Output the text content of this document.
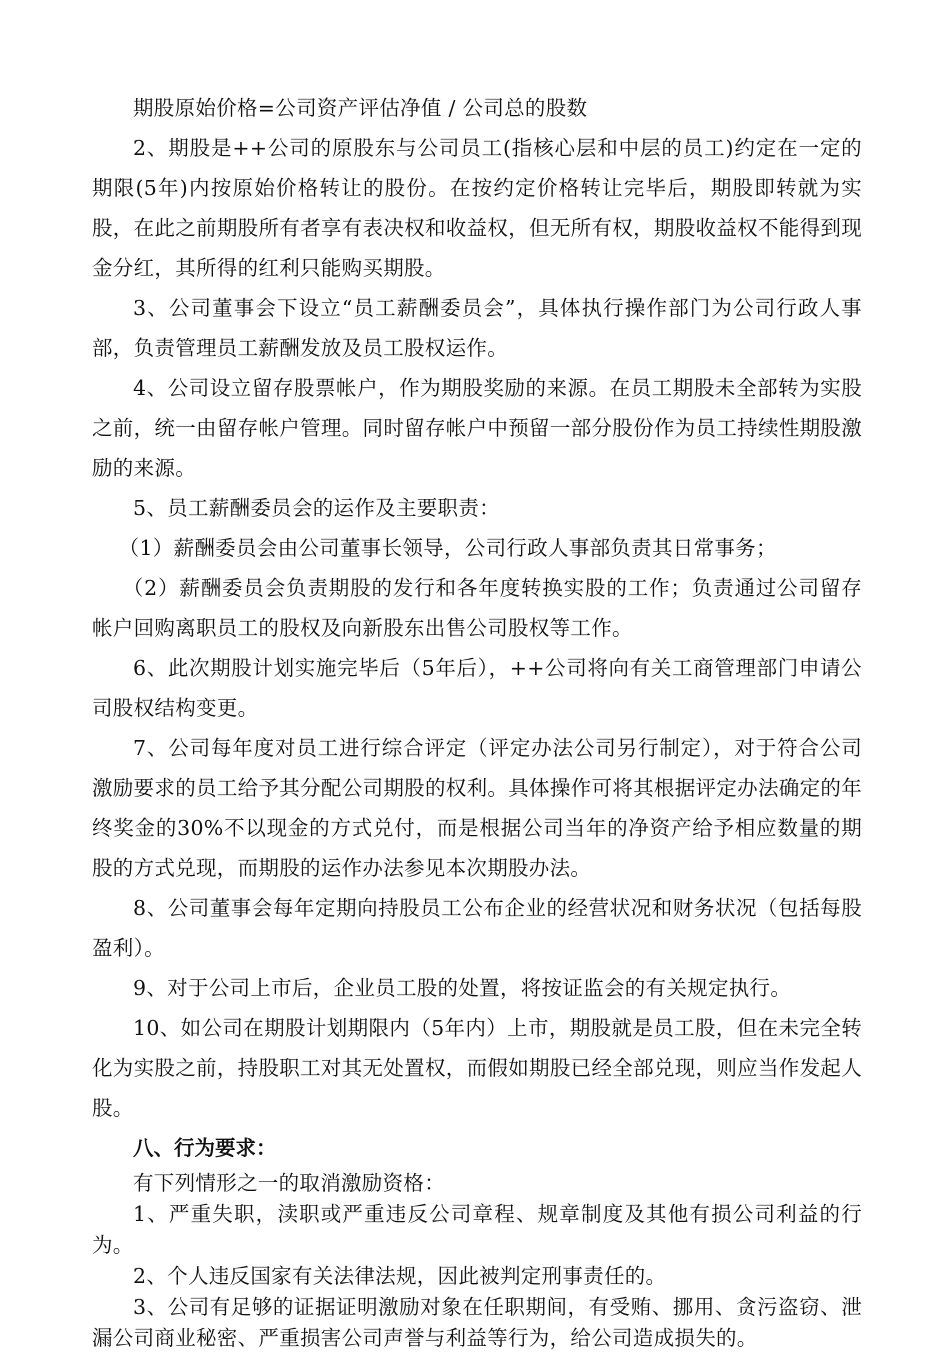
期股原始价格=公司资产评估净值 / 公司总的股数

2、期股是++公司的原股东与公司员工(指核心层和中层的员工)约定在一定的期限(5年)内按原始价格转让的股份。在按约定价格转让完毕后，期股即转就为实股，在此之前期股所有者享有表决权和收益权，但无所有权，期股收益权不能得到现金分红，其所得的红利只能购买期股。

3、公司董事会下设立“员工薪酬委员会”，具体执行操作部门为公司行政人事部，负责管理员工薪酬发放及员工股权运作。

4、公司设立留存股票帐户，作为期股奖励的来源。在员工期股未全部转为实股之前，统一由留存帐户管理。同时留存帐户中预留一部分股份作为员工持续性期股激励的来源。

5、员工薪酬委员会的运作及主要职责：

（1）薪酬委员会由公司董事长领导，公司行政人事部负责其日常事务；

（2）薪酬委员会负责期股的发行和各年度转换实股的工作；负责通过公司留存帐户回购离职员工的股权及向新股东出售公司股权等工作。

6、此次期股计划实施完毕后（5年后），++公司将向有关工商管理部门申请公司股权结构变更。

7、公司每年度对员工进行综合评定（评定办法公司另行制定），对于符合公司激励要求的员工给予其分配公司期股的权利。具体操作可将其根据评定办法确定的年终奖金的30%不以现金的方式兑付，而是根据公司当年的净资产给予相应数量的期股的方式兑现，而期股的运作办法参见本次期股办法。

8、公司董事会每年定期向持股员工公布企业的经营状况和财务状况（包括每股盈利）。

9、对于公司上市后，企业员工股的处置，将按证监会的有关规定执行。

10、如公司在期股计划期限内（5年内）上市，期股就是员工股，但在未完全转化为实股之前，持股职工对其无处置权，而假如期股已经全部兑现，则应当作发起人股。

八、行为要求：

有下列情形之一的取消激励资格：

1、严重失职，渎职或严重违反公司章程、规章制度及其他有损公司利益的行为。

2、个人违反国家有关法律法规，因此被判定刑事责任的。

3、公司有足够的证据证明激励对象在任职期间，有受贿、挪用、贪污盗窃、泄漏公司商业秘密、严重损害公司声誉与利益等行为，给公司造成损失的。
